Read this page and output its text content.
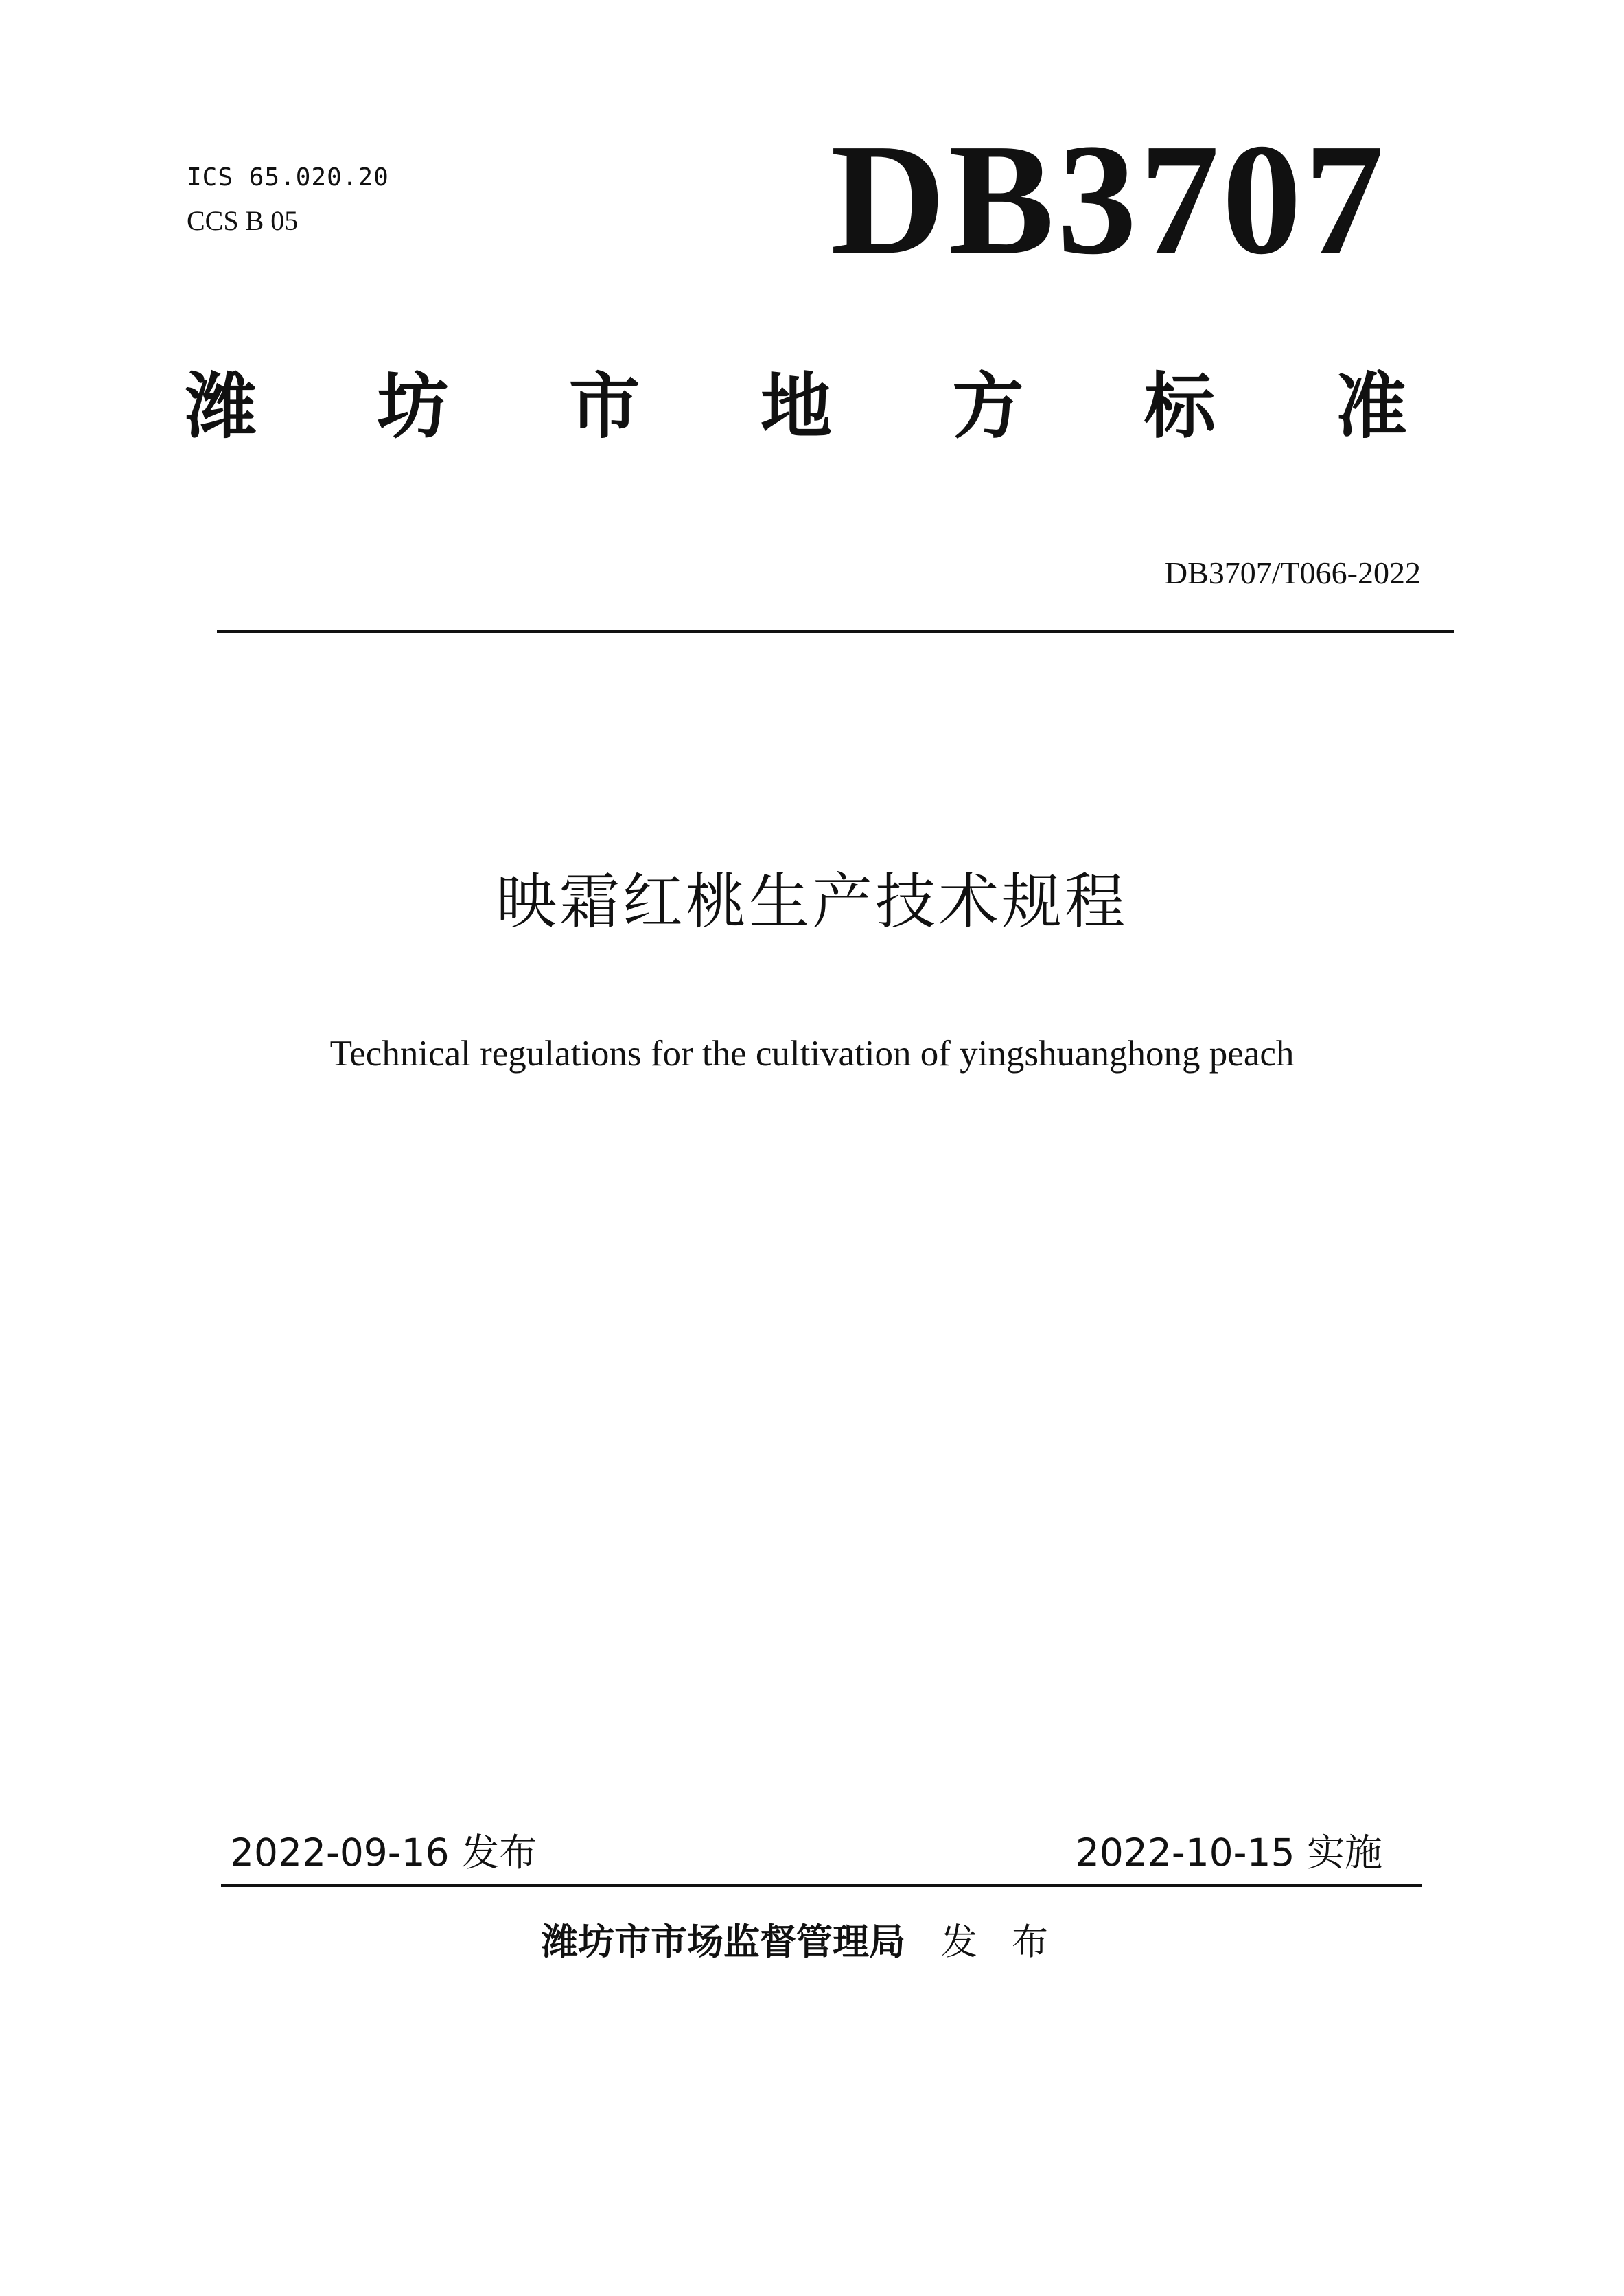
ICS 65.020.20
CCS B 05	DB3707
潍 坊 市 地 方 标 准
DB3707/T066-2022
映霜红桃生产技术规程
Technical regulations for the cultivation of yingshuanghong peach
2022-09-16 发布	2022-10-15 实施
潍坊市市场监督管理局 发布
